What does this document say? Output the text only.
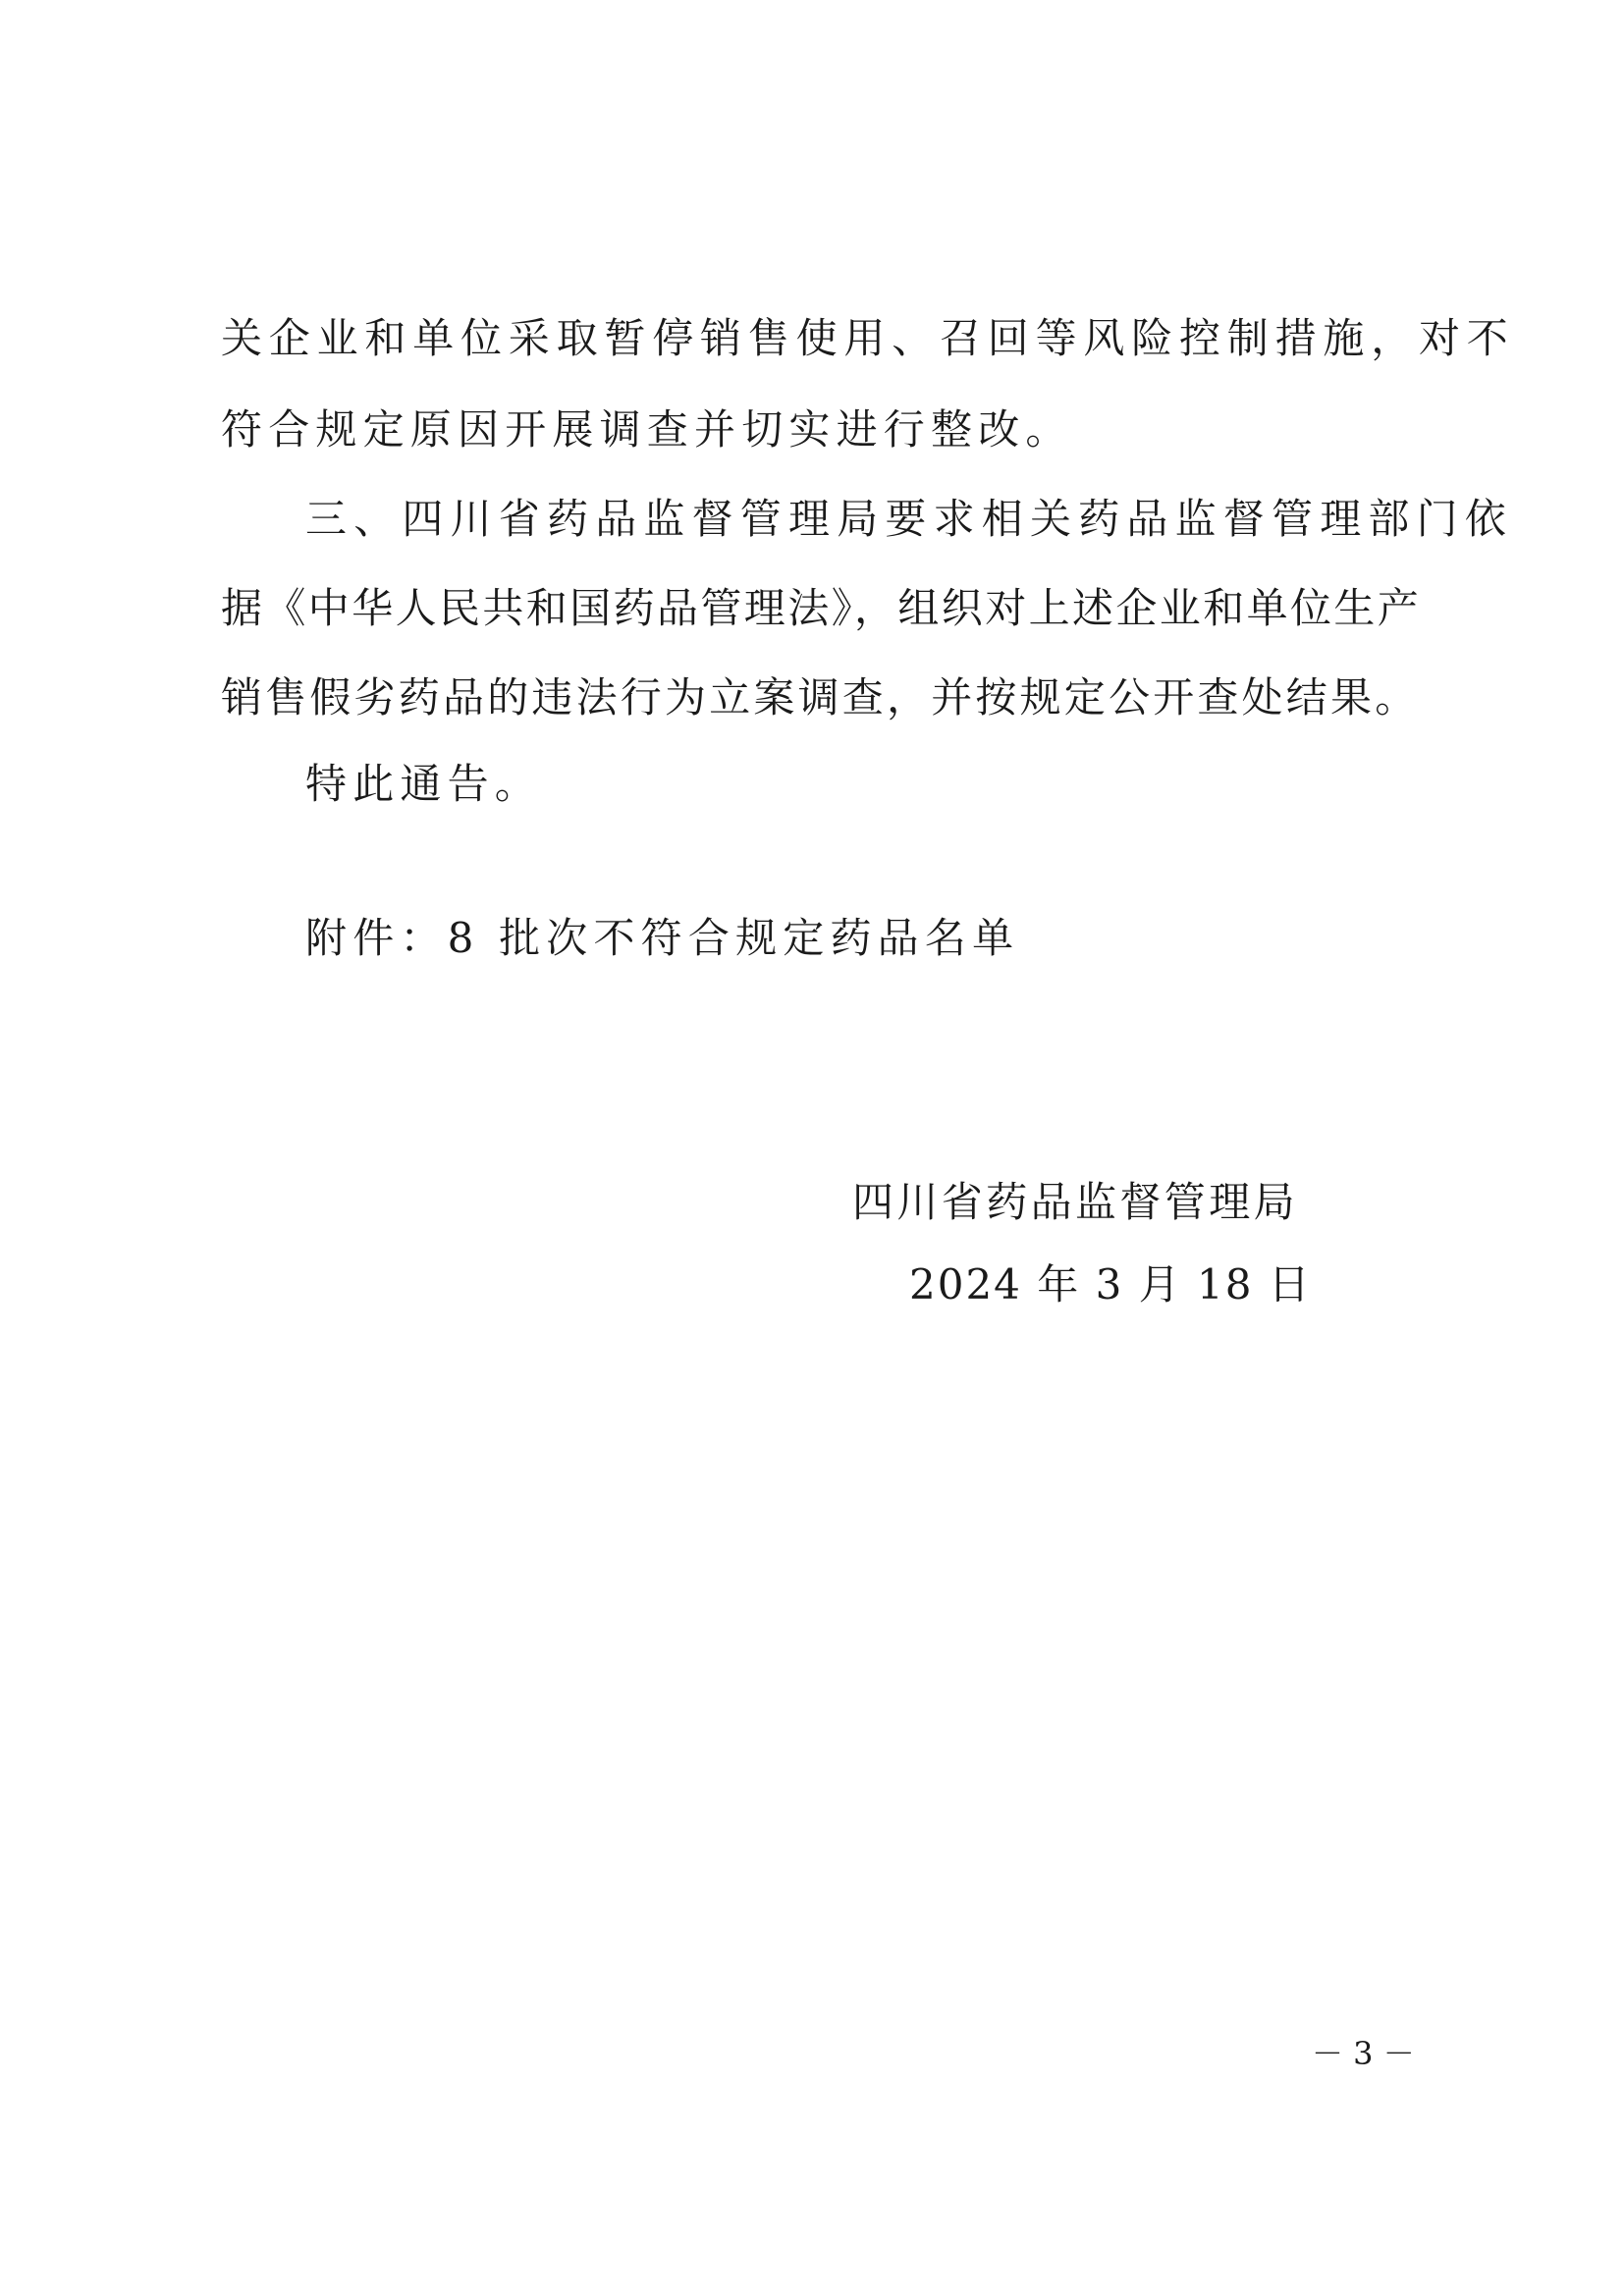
关企业和单位采取暂停销售使用、召回等风险控制措施，对不
符合规定原因开展调查并切实进行整改。
三、四川省药品监督管理局要求相关药品监督管理部门依
据《中华人民共和国药品管理法》，组织对上述企业和单位生产
销售假劣药品的违法行为立案调查，并按规定公开查处结果。
特此通告。
附件：8 批次不符合规定药品名单
四川省药品监督管理局
2024 年 3 月 18 日
－ 3 －
